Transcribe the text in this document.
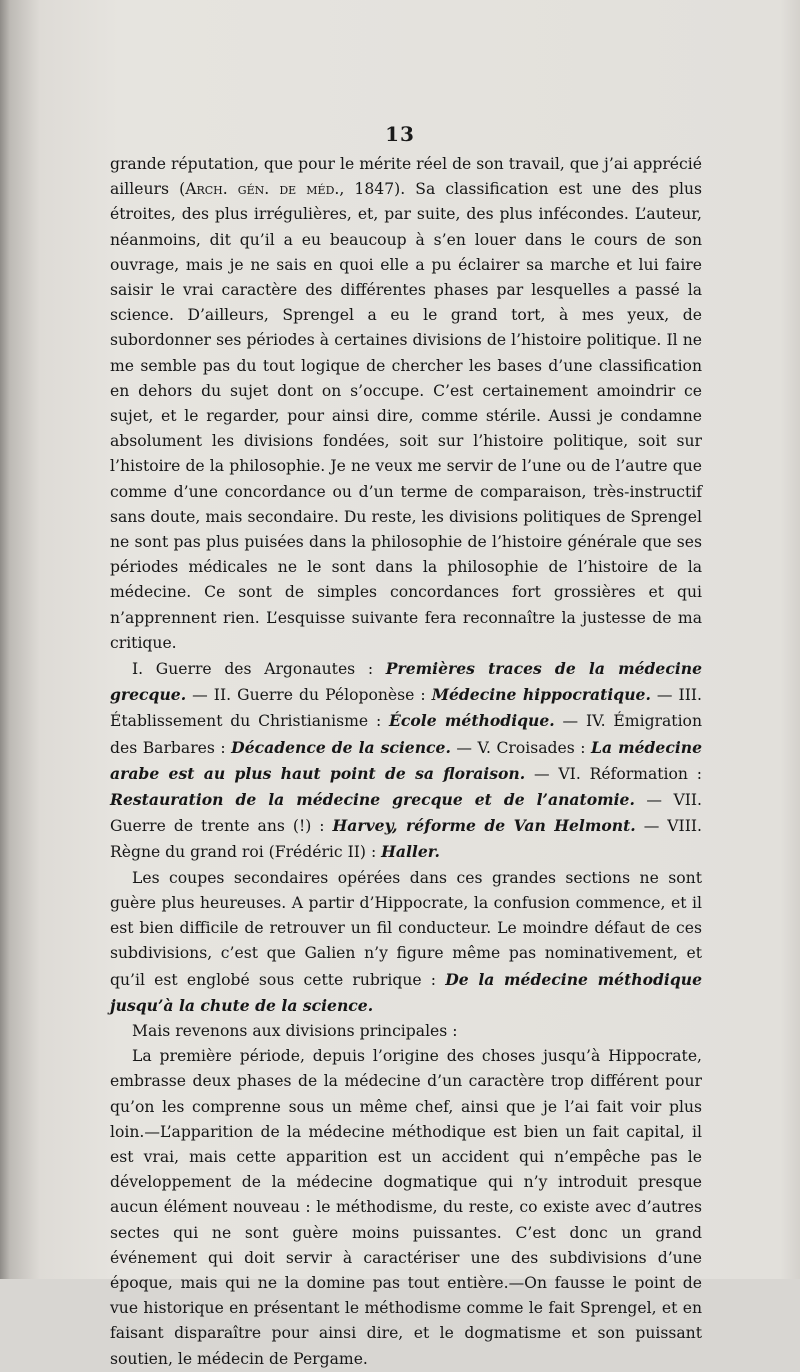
13

grande réputation, que pour le mérite réel de son travail, que j’ai apprécié ailleurs (Arch. gén. de méd., 1847). Sa classification est une des plus étroites, des plus irrégulières, et, par suite, des plus infécondes. L’auteur, néanmoins, dit qu’il a eu beaucoup à s’en louer dans le cours de son ouvrage, mais je ne sais en quoi elle a pu éclairer sa marche et lui faire saisir le vrai caractère des différentes phases par lesquelles a passé la science. D’ailleurs, Sprengel a eu le grand tort, à mes yeux, de subordonner ses périodes à certaines divisions de l’histoire politique. Il ne me semble pas du tout logique de chercher les bases d’une classification en dehors du sujet dont on s’occupe. C’est certainement amoindrir ce sujet, et le regarder, pour ainsi dire, comme stérile. Aussi je condamne absolument les divisions fondées, soit sur l’histoire politique, soit sur l’histoire de la philosophie. Je ne veux me servir de l’une ou de l’autre que comme d’une concordance ou d’un terme de comparaison, très-instructif sans doute, mais secondaire. Du reste, les divisions politiques de Sprengel ne sont pas plus puisées dans la philosophie de l’histoire générale que ses périodes médicales ne le sont dans la philosophie de l’histoire de la médecine. Ce sont de simples concordances fort grossières et qui n’apprennent rien. L’esquisse suivante fera reconnaître la justesse de ma critique.

I. Guerre des Argonautes : Premières traces de la médecine grecque. — II. Guerre du Péloponèse : Médecine hippocratique. — III. Établissement du Christianisme : École méthodique. — IV. Émigration des Barbares : Décadence de la science. — V. Croisades : La médecine arabe est au plus haut point de sa floraison. — VI. Réformation : Restauration de la médecine grecque et de l’anatomie. — VII. Guerre de trente ans (!) : Harvey, réforme de Van Helmont. — VIII. Règne du grand roi (Frédéric II) : Haller.

Les coupes secondaires opérées dans ces grandes sections ne sont guère plus heureuses. A partir d’Hippocrate, la confusion commence, et il est bien difficile de retrouver un fil conducteur. Le moindre défaut de ces subdivisions, c’est que Galien n’y figure même pas nominativement, et qu’il est englobé sous cette rubrique : De la médecine méthodique jusqu’à la chute de la science.

Mais revenons aux divisions principales :

La première période, depuis l’origine des choses jusqu’à Hippocrate, embrasse deux phases de la médecine d’un caractère trop différent pour qu’on les comprenne sous un même chef, ainsi que je l’ai fait voir plus loin.—L’apparition de la médecine méthodique est bien un fait capital, il est vrai, mais cette apparition est un accident qui n’empêche pas le développement de la médecine dogmatique qui n’y introduit presque aucun élément nouveau : le méthodisme, du reste, co existe avec d’autres sectes qui ne sont guère moins puissantes. C’est donc un grand événement qui doit servir à caractériser une des subdivisions d’une époque, mais qui ne la domine pas tout entière.—On fausse le point de vue historique en présentant le méthodisme comme le fait Sprengel, et en faisant disparaître pour ainsi dire, et le dogmatisme et son puissant soutien, le médecin de Pergame.
